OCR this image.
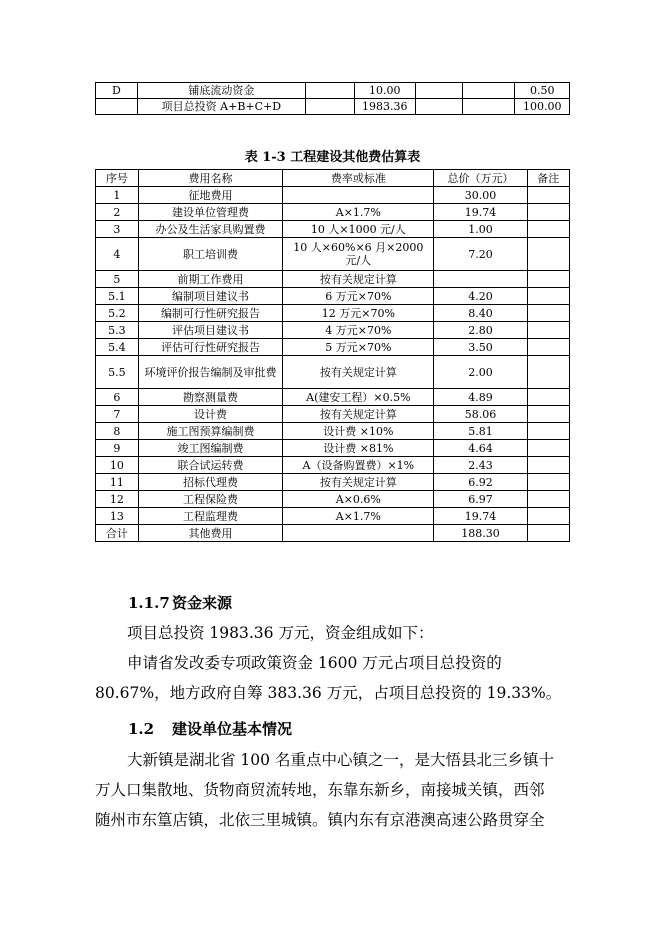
D	铺底流动资金		10.00			0.50
	项目总投资 A+B+C+D		1983.36			100.00
表 1-3 工程建设其他费估算表
序号	费用名称	费率或标准	总价（万元）	备注
1	征地费用		30.00	
2	建设单位管理费	A×1.7%	19.74	
3	办公及生活家具购置费	10 人×1000 元/人	1.00	
4	职工培训费	10 人×60%×6 月×2000 元/人	7.20	
5	前期工作费用	按有关规定计算		
5.1	编制项目建议书	6 万元×70%	4.20	
5.2	编制可行性研究报告	12 万元×70%	8.40	
5.3	评估项目建议书	4 万元×70%	2.80	
5.4	评估可行性研究报告	5 万元×70%	3.50	
5.5	环境评价报告编制及审批费	按有关规定计算	2.00	
6	勘察测量费	A(建安工程）×0.5%	4.89	
7	设计费	按有关规定计算	58.06	
8	施工图预算编制费	设计费 ×10%	5.81	
9	竣工图编制费	设计费 ×81%	4.64	
10	联合试运转费	A（设备购置费）×1%	2.43	
11	招标代理费	按有关规定计算	6.92	
12	工程保险费	A×0.6%	6.97	
13	工程监理费	A×1.7%	19.74	
合计	其他费用		188.30	
1.1.7 资金来源
项目总投资 1983.36 万元，资金组成如下：
申请省发改委专项政策资金 1600 万元占项目总投资的
80.67%，地方政府自筹 383.36 万元，占项目总投资的 19.33%。
1.2 建设单位基本情况
大新镇是湖北省 100 名重点中心镇之一，是大悟县北三乡镇十
万人口集散地、货物商贸流转地，东靠东新乡，南接城关镇，西邻
随州市东篁店镇，北依三里城镇。镇内东有京港澳高速公路贯穿全
